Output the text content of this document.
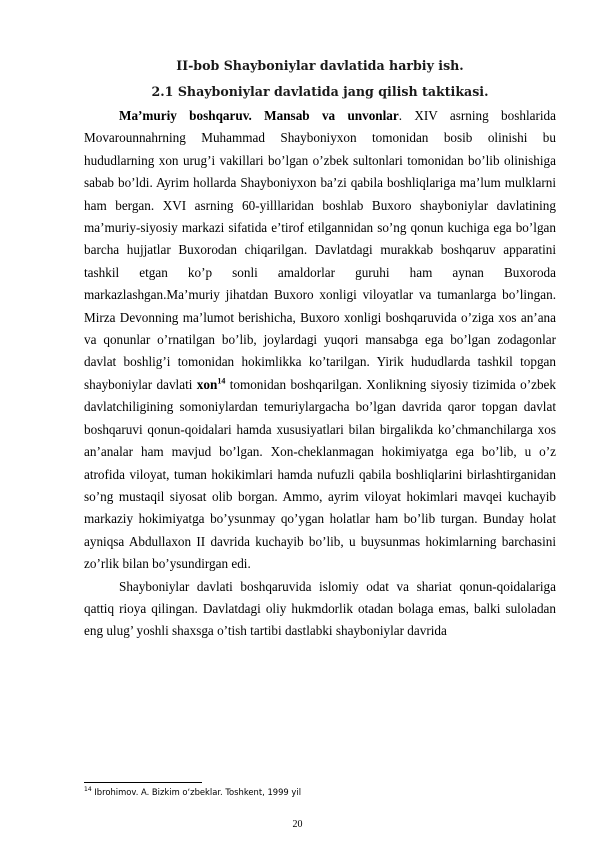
II-bob Shayboniylar davlatida harbiy ish.

2.1 Shayboniylar davlatida jang qilish taktikasi.

Ma’muriy boshqaruv. Mansab va unvonlar. XIV asrning boshlarida Movarounnahrning Muhammad Shayboniyxon tomonidan bosib olinishi bu hududlarning xon urug’i vakillari bo’lgan o’zbek sultonlari tomonidan bo’lib olinishiga sabab bo’ldi. Ayrim hollarda Shayboniyxon ba’zi qabila boshliqlariga ma’lum mulklarni ham bergan. XVI asrning 60-yilllaridan boshlab Buxoro shayboniylar davlatining ma’muriy-siyosiy markazi sifatida e’tirof etilgannidan so’ng qonun kuchiga ega bo’lgan barcha hujjatlar Buxorodan chiqarilgan. Davlatdagi murakkab boshqaruv apparatini tashkil etgan ko’p sonli amaldorlar guruhi ham aynan Buxoroda markazlashgan.Ma’muriy jihatdan Buxoro xonligi viloyatlar va tumanlarga bo’lingan. Mirza Devonning ma’lumot berishicha, Buxoro xonligi boshqaruvida o’ziga xos an’ana va qonunlar o’rnatilgan bo’lib, joylardagi yuqori mansabga ega bo’lgan zodagonlar davlat boshlig’i tomonidan hokimlikka ko’tarilgan. Yirik hududlarda tashkil topgan shayboniylar davlati xon$^{14}$ tomonidan boshqarilgan. Xonlikning siyosiy tizimida o’zbek davlatchiligining somoniylardan temuriylargacha bo’lgan davrida qaror topgan davlat boshqaruvi qonun-qoidalari hamda xususiyatlari bilan birgalikda ko’chmanchilarga xos an’analar ham mavjud bo’lgan. Xon-cheklanmagan hokimiyatga ega bo’lib, u o’z atrofida viloyat, tuman hokikimlari hamda nufuzli qabila boshliqlarini birlashtirganidan so’ng mustaqil siyosat olib borgan. Ammo, ayrim viloyat hokimlari mavqei kuchayib markaziy hokimiyatga bo’ysunmay qo’ygan holatlar ham bo’lib turgan. Bunday holat ayniqsa Abdullaxon II davrida kuchayib bo’lib, u buysunmas hokimlarning barchasini zo’rlik bilan bo’ysundirgan edi.

Shayboniylar davlati boshqaruvida islomiy odat va shariat qonun-qoidalariga qattiq rioya qilingan. Davlatdagi oliy hukmdorlik otadan bolaga emas, balki suloladan eng ulug’ yoshli shaxsga o’tish tartibi dastlabki shayboniylar davrida

$^{14}$ Ibrohimov. A. Bizkim o‘zbeklar. Toshkent, 1999 yil
20
